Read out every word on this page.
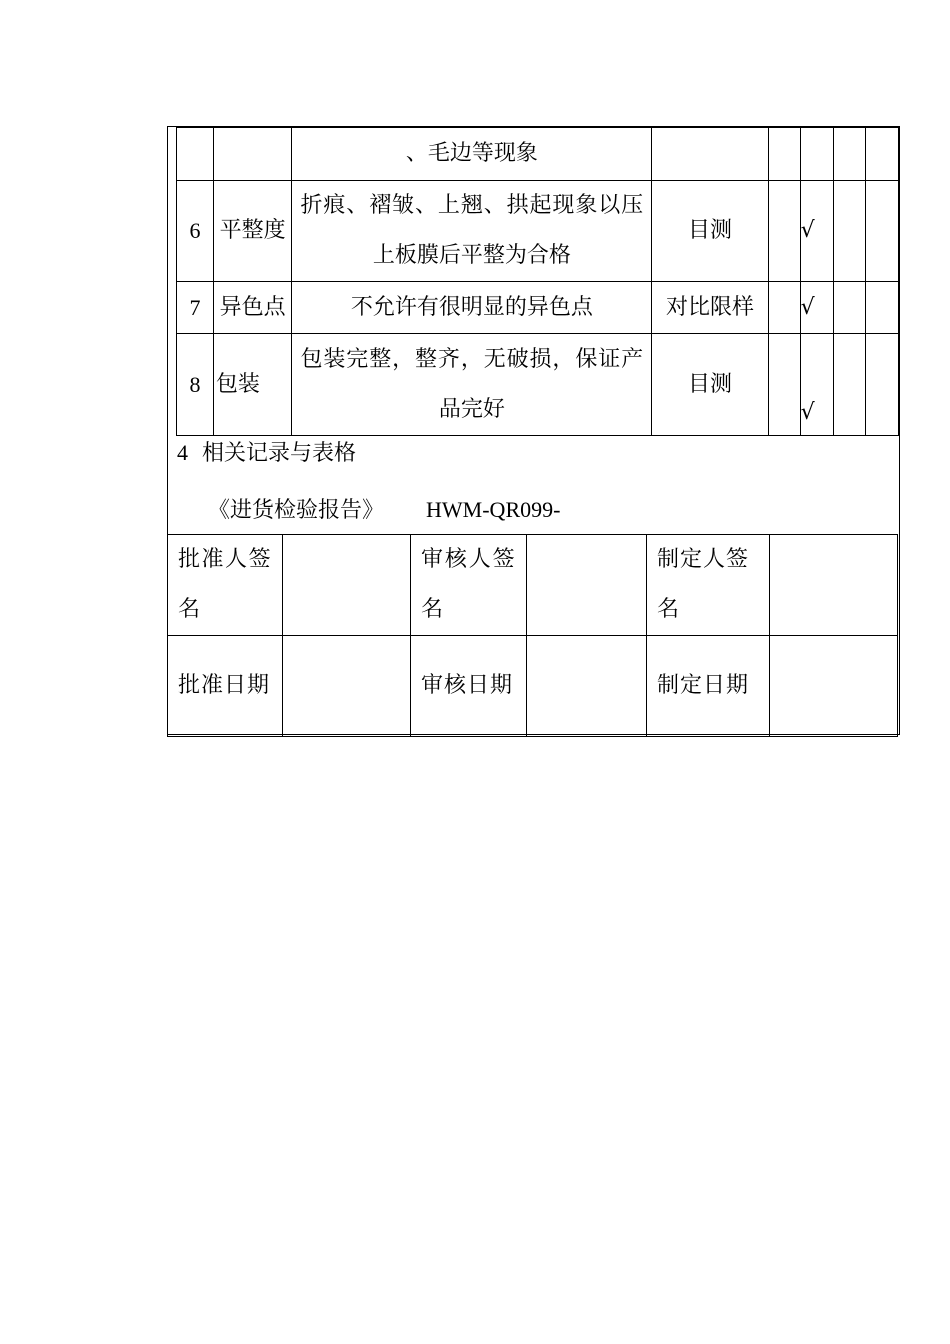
		、毛边等现象					
6	平整度	折痕、褶皱、上翘、拱起现象以压上板膜后平整为合格	目测		√		
7	异色点	不允许有很明显的异色点	对比限样		√		
8	包装	包装完整，整齐，无破损，保证产品完好	目测		√		
4 相关记录与表格
《进货检验报告》 HWM-QR099-
批准人签名		审核人签名		制定人签名	
批准日期		审核日期		制定日期	
